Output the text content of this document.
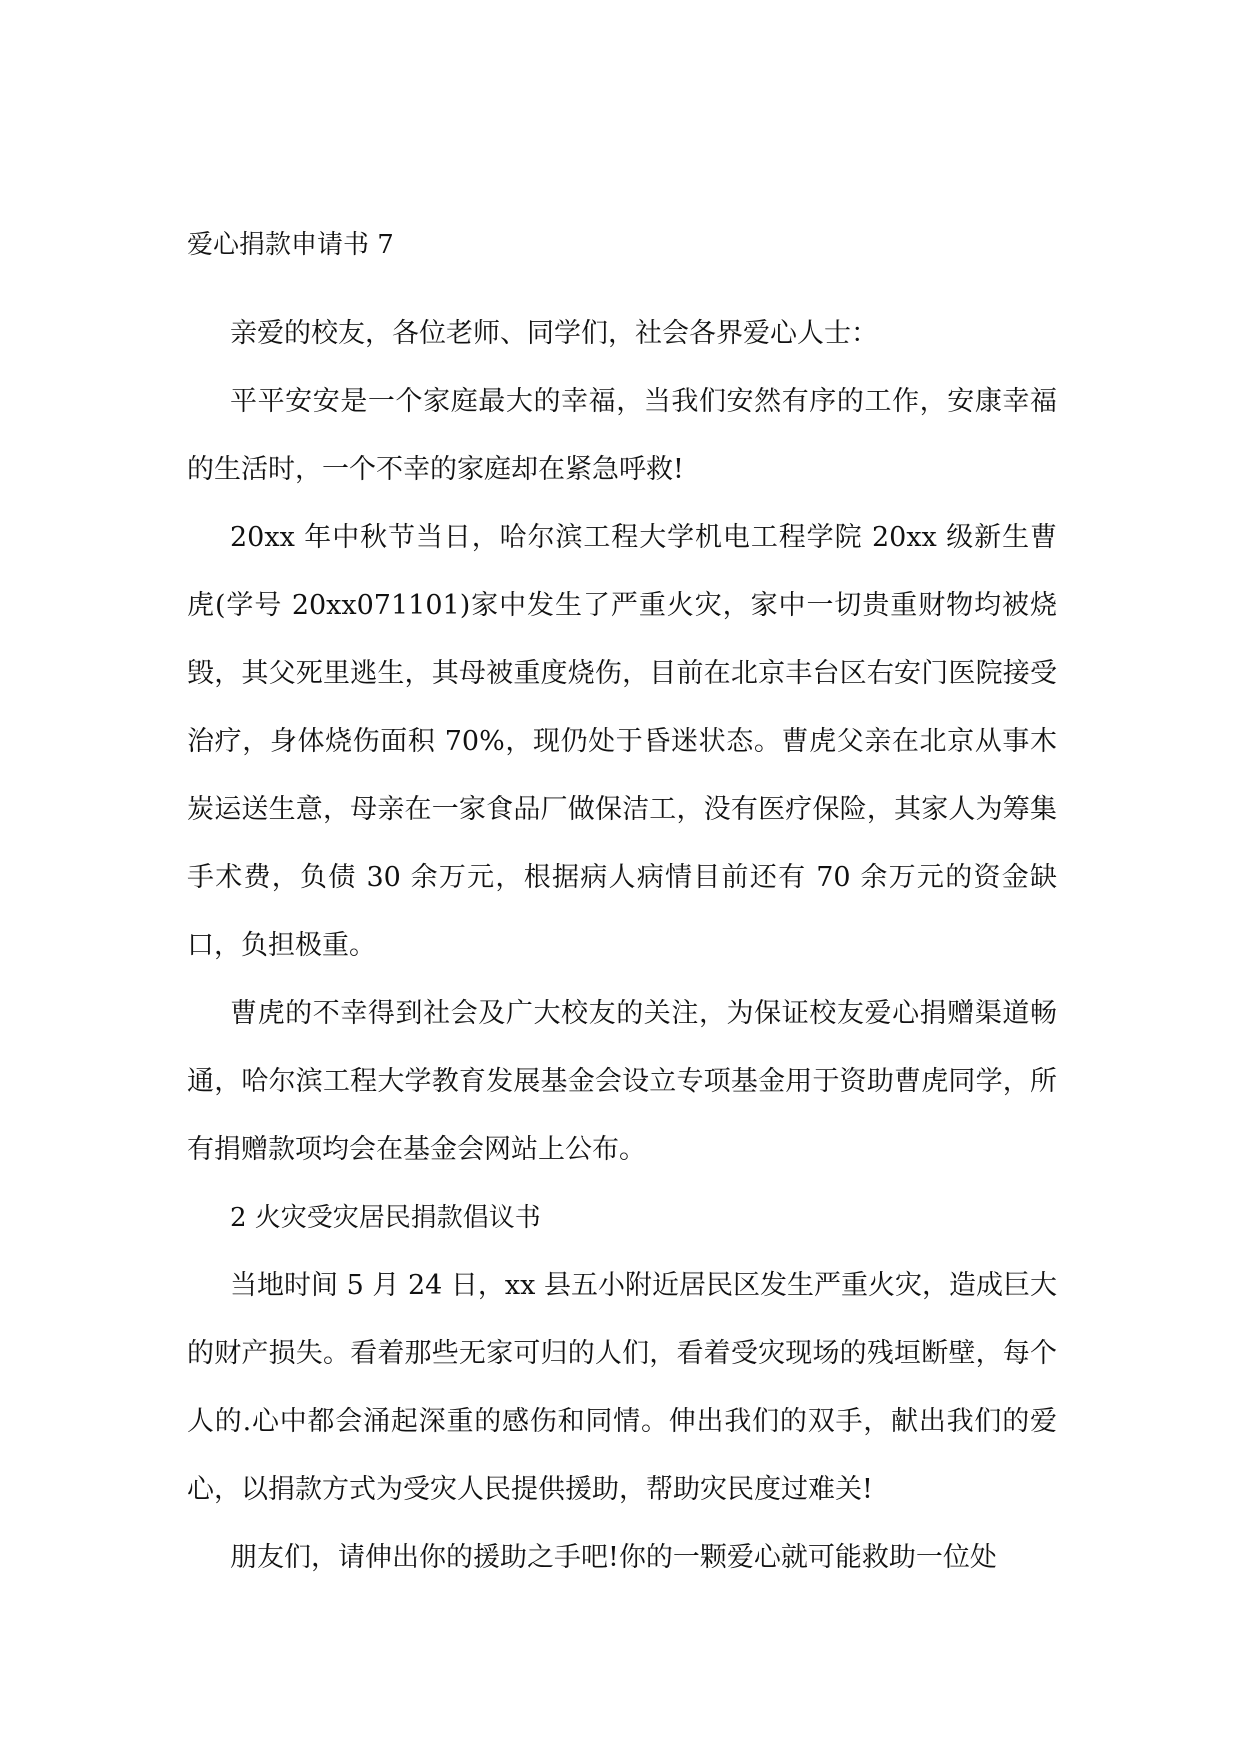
爱心捐款申请书 7

亲爱的校友，各位老师、同学们，社会各界爱心人士：

平平安安是一个家庭最大的幸福，当我们安然有序的工作，安康幸福的生活时，一个不幸的家庭却在紧急呼救!

20xx 年中秋节当日，哈尔滨工程大学机电工程学院 20xx 级新生曹虎(学号 20xx071101)家中发生了严重火灾，家中一切贵重财物均被烧毁，其父死里逃生，其母被重度烧伤，目前在北京丰台区右安门医院接受治疗，身体烧伤面积 70%，现仍处于昏迷状态。曹虎父亲在北京从事木炭运送生意，母亲在一家食品厂做保洁工，没有医疗保险，其家人为筹集手术费，负债 30 余万元，根据病人病情目前还有 70 余万元的资金缺口，负担极重。

曹虎的不幸得到社会及广大校友的关注，为保证校友爱心捐赠渠道畅通，哈尔滨工程大学教育发展基金会设立专项基金用于资助曹虎同学，所有捐赠款项均会在基金会网站上公布。

2 火灾受灾居民捐款倡议书

当地时间 5 月 24 日，xx 县五小附近居民区发生严重火灾，造成巨大的财产损失。看着那些无家可归的人们，看着受灾现场的残垣断壁，每个人的.心中都会涌起深重的感伤和同情。伸出我们的双手，献出我们的爱心，以捐款方式为受灾人民提供援助，帮助灾民度过难关!

朋友们，请伸出你的援助之手吧!你的一颗爱心就可能救助一位处
